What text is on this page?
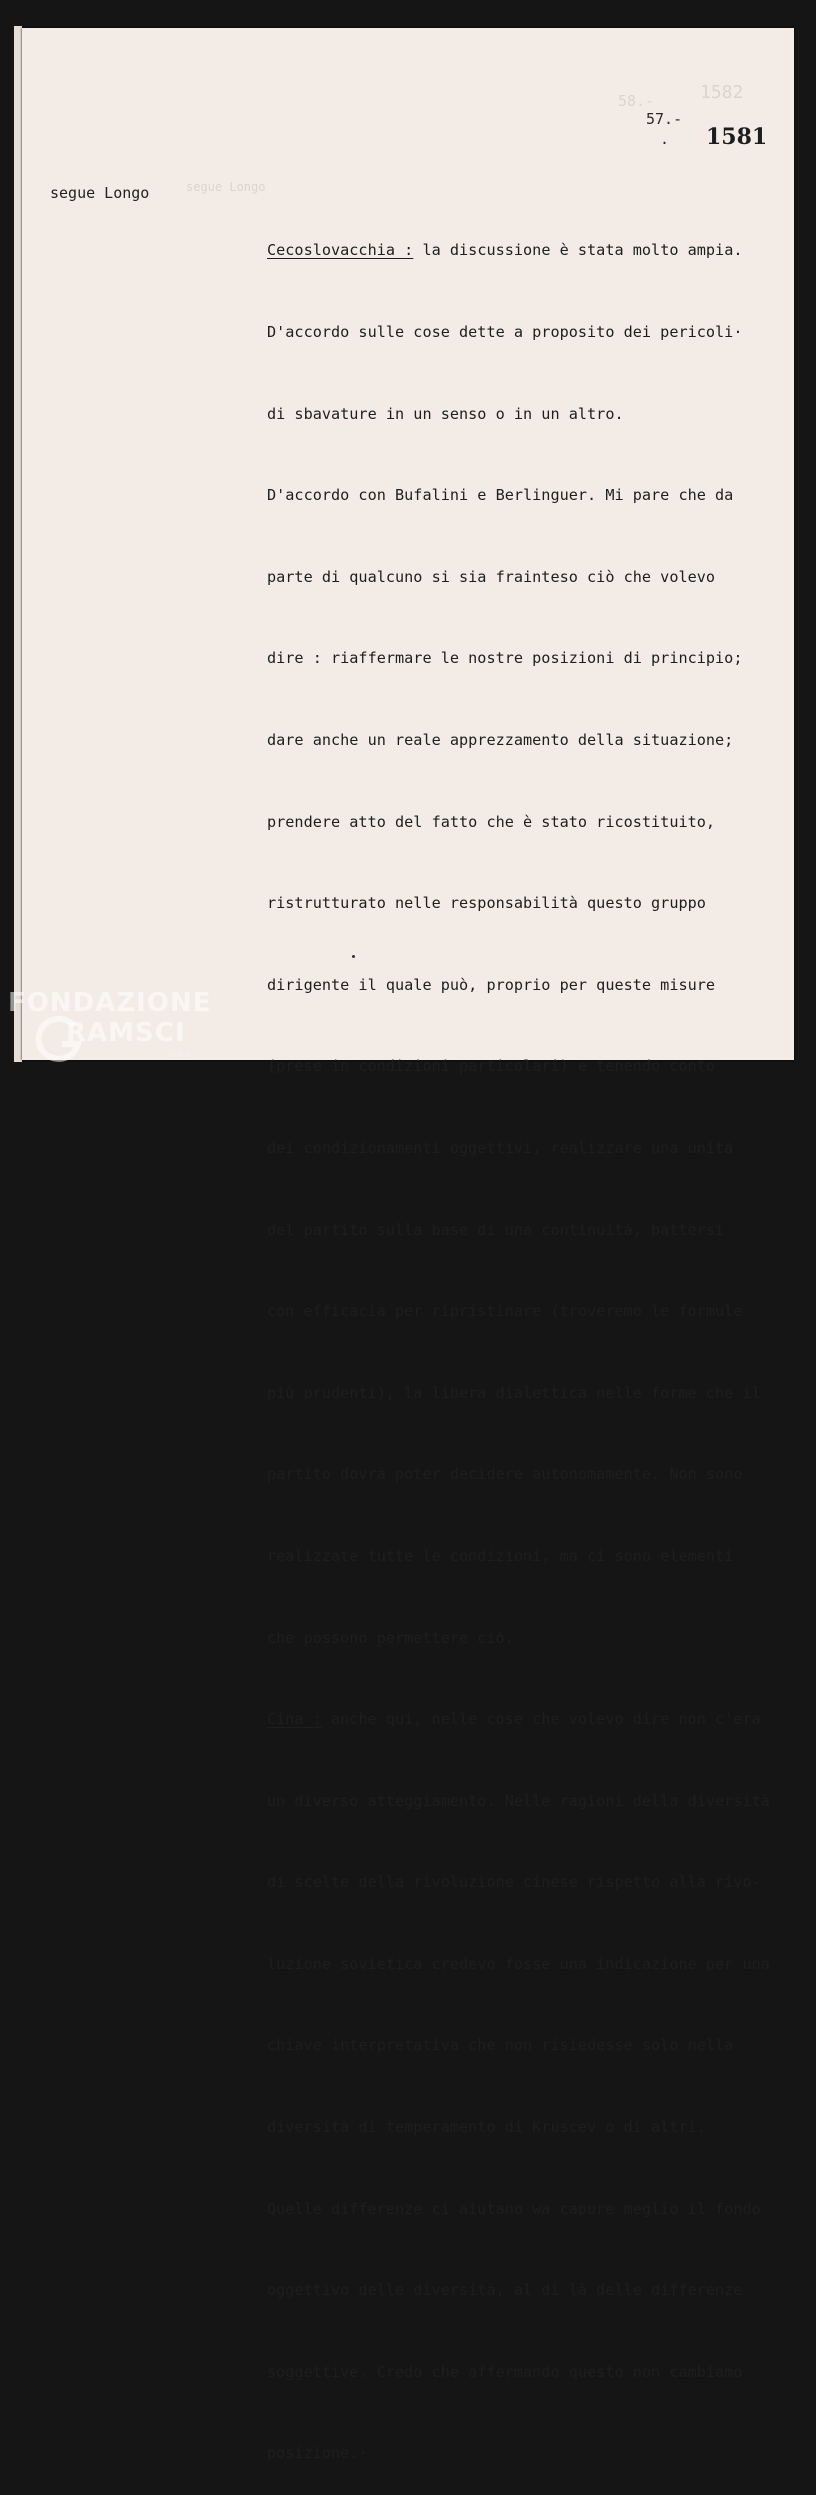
58.-	1582
segue Longo
57.-
. 1581
segue Longo

Cecoslovacchia : la discussione è stata molto ampia.

D'accordo sulle cose dette a proposito dei pericoli·

di sbavature in un senso o in un altro.

D'accordo con Bufalini e Berlinguer. Mi pare che da

parte di qualcuno si sia frainteso ciò che volevo

dire : riaffermare le nostre posizioni di principio;

dare anche un reale apprezzamento della situazione;

prendere atto del fatto che è stato ricostituito,

ristrutturato nelle responsabilità questo gruppo

dirigente il quale può, proprio per queste misure

(prese in condizioni particolari) e tenendo conto

dei condizionamenti oggettivi, realizzare una unità

del partito sulla base di una continuità, battersi

con efficacia per ripristinare (troveremo le formule

più prudenti), la libera dialettica nelle forme che il

partito dovrà poter decidere autonomamente. Non sono

realizzate tutte le condizioni, ma ci sono elementi

che possono permettere ciò.

Cina : anche qui, nelle cose che volevo dire non c'era

un diverso atteggiamento. Nelle ragioni della diversità

di scelte della rivoluzione cinese rispetto alla rivo-

luzione sovietica credevo fosse una indicazione per una

chiave interpretativa che non risiedesse solo nella

diversità di temperamento di Kruscev o di altri.

Quelle differenze ci aiutano wa capure meglio il fondo

oggettivo delle diversità, al di là delle differenze

soggettive. Credo che affermando questo non cambiamo

posizione.·

FONDAZIONE
RAMSCI
onlus
